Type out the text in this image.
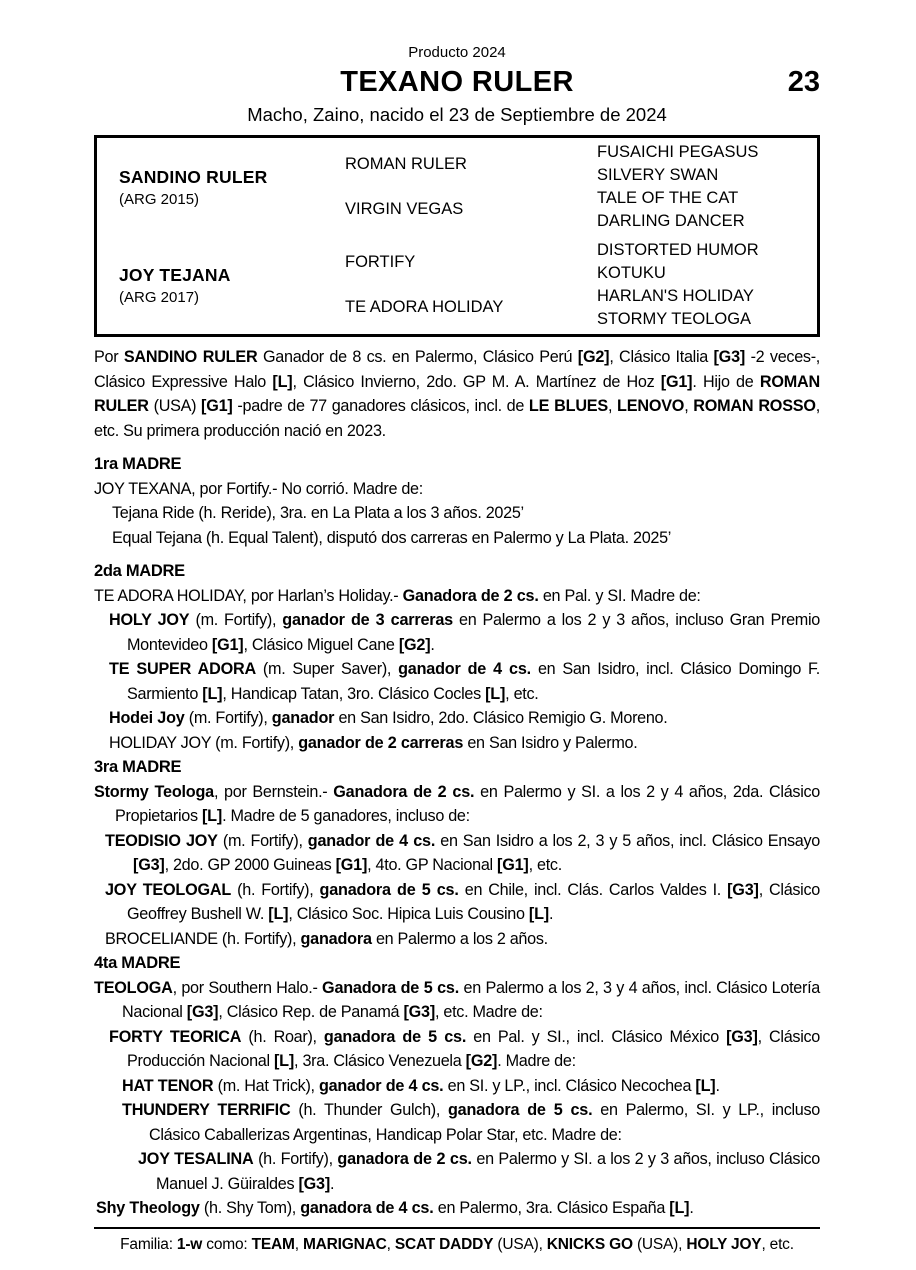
Producto 2024
TEXANO RULER	23
Macho, Zaino, nacido el 23 de Septiembre de 2024
SANDINO RULER
(ARG 2015)
ROMAN RULER
VIRGIN VEGAS
FUSAICHI PEGASUS
SILVERY SWAN
TALE OF THE CAT
DARLING DANCER
JOY TEJANA
(ARG 2017)
FORTIFY
TE ADORA HOLIDAY
DISTORTED HUMOR
KOTUKU
HARLAN'S HOLIDAY
STORMY TEOLOGA

Por SANDINO RULER Ganador de 8 cs. en Palermo, Clásico Perú [G2], Clásico Italia [G3] -2 veces-, Clásico Expressive Halo [L], Clásico Invierno, 2do. GP M. A. Martínez de Hoz [G1]. Hijo de ROMAN RULER (USA) [G1] -padre de 77 ganadores clásicos, incl. de LE BLUES, LENOVO, ROMAN ROSSO, etc. Su primera producción nació en 2023.

1ra MADRE

JOY TEXANA, por Fortify.- No corrió. Madre de:

Tejana Ride (h. Reride), 3ra. en La Plata a los 3 años. 2025’

Equal Tejana (h. Equal Talent), disputó dos carreras en Palermo y La Plata. 2025’

2da MADRE

TE ADORA HOLIDAY, por Harlan’s Holiday.- Ganadora de 2 cs. en Pal. y SI. Madre de:

HOLY JOY (m. Fortify), ganador de 3 carreras en Palermo a los 2 y 3 años, incluso Gran Premio Montevideo [G1], Clásico Miguel Cane [G2].

TE SUPER ADORA (m. Super Saver), ganador de 4 cs. en San Isidro, incl. Clásico Domingo F. Sarmiento [L], Handicap Tatan, 3ro. Clásico Cocles [L], etc.

Hodei Joy (m. Fortify), ganador en San Isidro, 2do. Clásico Remigio G. Moreno.

HOLIDAY JOY (m. Fortify), ganador de 2 carreras en San Isidro y Palermo.

3ra MADRE

Stormy Teologa, por Bernstein.- Ganadora de 2 cs. en Palermo y SI. a los 2 y 4 años, 2da. Clásico Propietarios [L]. Madre de 5 ganadores, incluso de:

TEODISIO JOY (m. Fortify), ganador de 4 cs. en San Isidro a los 2, 3 y 5 años, incl. Clásico Ensayo [G3], 2do. GP 2000 Guineas [G1], 4to. GP Nacional [G1], etc.

JOY TEOLOGAL (h. Fortify), ganadora de 5 cs. en Chile, incl. Clás. Carlos Valdes I. [G3], Clásico Geoffrey Bushell W. [L], Clásico Soc. Hipica Luis Cousino [L].

BROCELIANDE (h. Fortify), ganadora en Palermo a los 2 años.

4ta MADRE

TEOLOGA, por Southern Halo.- Ganadora de 5 cs. en Palermo a los 2, 3 y 4 años, incl. Clásico Lotería Nacional [G3], Clásico Rep. de Panamá [G3], etc. Madre de:

FORTY TEORICA (h. Roar), ganadora de 5 cs. en Pal. y SI., incl. Clásico México [G3], Clásico Producción Nacional [L], 3ra. Clásico Venezuela [G2]. Madre de:

HAT TENOR (m. Hat Trick), ganador de 4 cs. en SI. y LP., incl. Clásico Necochea [L].

THUNDERY TERRIFIC (h. Thunder Gulch), ganadora de 5 cs. en Palermo, SI. y LP., incluso Clásico Caballerizas Argentinas, Handicap Polar Star, etc. Madre de:

JOY TESALINA (h. Fortify), ganadora de 2 cs. en Palermo y SI. a los 2 y 3 años, incluso Clásico Manuel J. Güiraldes [G3].

Shy Theology (h. Shy Tom), ganadora de 4 cs. en Palermo, 3ra. Clásico España [L].

Familia: 1-w como: TEAM, MARIGNAC, SCAT DADDY (USA), KNICKS GO (USA), HOLY JOY, etc.
